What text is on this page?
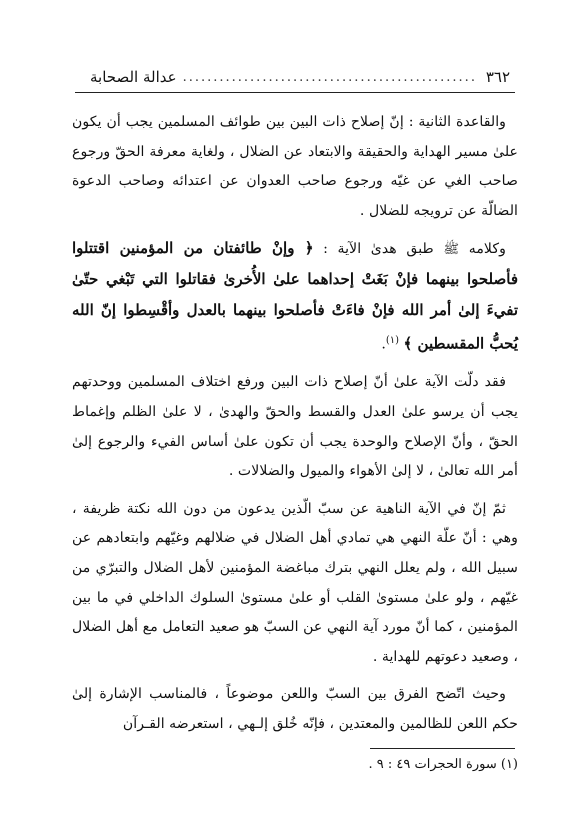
عدالة الصحابة ................................................ ٣٦٢

والقاعدة الثانية : إنّ إصلاح ذات البين بين طوائف المسلمين يجب أن يكون علىٰ مسير الهداية والحقيقة والابتعاد عن الضلال ، ولغاية معرفة الحقّ ورجوع صاحب الغي عن غيّه ورجوع صاحب العدوان عن اعتدائه وصاحب الدعوة الضالّة عن ترويجه للضلال .

وكلامه ﷺ طبق هدىٰ الآية : ﴿ وإنْ طائفتان من المؤمنين اقتتلوا فأصلحوا بينهما فإنْ بَغَتْ إحداهما علىٰ الأُخرىٰ فقاتلوا التي تَبْغي حتّىٰ تفيءَ إلىٰ أمر الله فإنْ فاءَتْ فأصلحوا بينهما بالعدل وأقْسِطوا إنّ الله يُحبُّ المقسطين ﴾ $^{(١)}$.

فقد دلّت الآية علىٰ أنّ إصلاح ذات البين ورفع اختلاف المسلمين ووحدتهم يجب أن يرسو علىٰ العدل والقسط والحقّ والهدىٰ ، لا علىٰ الظلم وإغماط الحقّ ، وأنّ الإصلاح والوحدة يجب أن تكون علىٰ أساس الفيء والرجوع إلىٰ أمر الله تعالىٰ ، لا إلىٰ الأهواء والميول والضلالات .

ثمّ إنّ في الآية الناهية عن سبّ الّذين يدعون من دون الله نكتة ظريفة ، وهي : أنّ علّة النهي هي تمادي أهل الضلال في ضلالهم وغيّهم وابتعادهم عن سبيل الله ، ولم يعلل النهي بترك مباغضة المؤمنين لأهل الضلال والتبرّي من غيّهم ، ولو علىٰ مستوىٰ القلب أو علىٰ مستوىٰ السلوك الداخلي في ما بين المؤمنين ، كما أنّ مورد آية النهي عن السبّ هو صعيد التعامل مع أهل الضلال ، وصعيد دعوتهم للهداية .

وحيث اتّضح الفرق بين السبّ واللعن موضوعاً ، فالمناسب الإشارة إلىٰ حكم اللعن للظالمين والمعتدين ، فإنّه خُلق إلـهي ، استعرضه القـرآن

(١) سورة الحجرات ٤٩ : ٩ .
